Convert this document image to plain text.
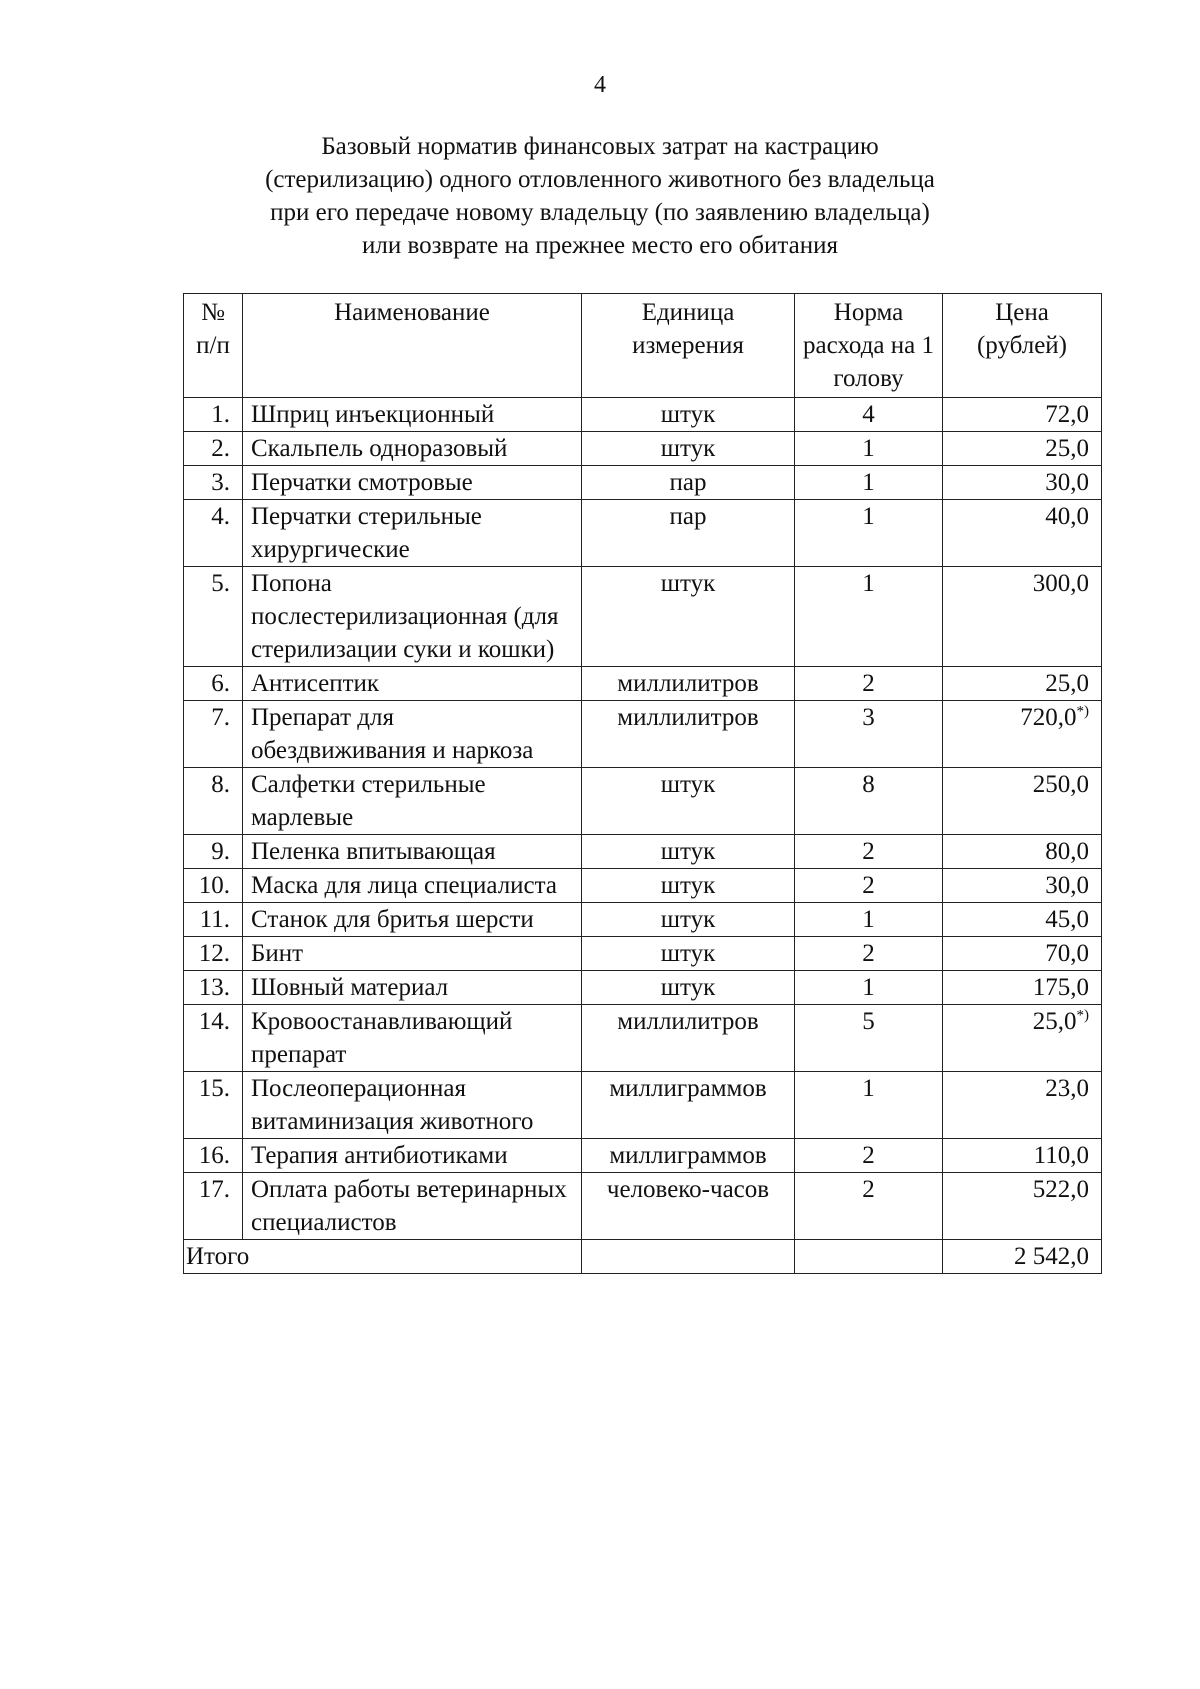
4
Базовый норматив финансовых затрат на кастрацию
(стерилизацию) одного отловленного животного без владельца
при его передаче новому владельцу (по заявлению владельца)
или возврате на прежнее место его обитания
№ п/п	Наименование	Единица измерения	Норма расхода на 1 голову	Цена (рублей)
1.	Шприц инъекционный	штук	4	72,0
2.	Скальпель одноразовый	штук	1	25,0
3.	Перчатки смотровые	пар	1	30,0
4.	Перчатки стерильные хирургические	пар	1	40,0
5.	Попона послестерилизационная (для стерилизации суки и кошки)	штук	1	300,0
6.	Антисептик	миллилитров	2	25,0
7.	Препарат для обездвиживания и наркоза	миллилитров	3	720,0*)
8.	Салфетки стерильные марлевые	штук	8	250,0
9.	Пеленка впитывающая	штук	2	80,0
10.	Маска для лица специалиста	штук	2	30,0
11.	Станок для бритья шерсти	штук	1	45,0
12.	Бинт	штук	2	70,0
13.	Шовный материал	штук	1	175,0
14.	Кровоостанавливающий препарат	миллилитров	5	25,0*)
15.	Послеоперационная витаминизация животного	миллиграммов	1	23,0
16.	Терапия антибиотиками	миллиграммов	2	110,0
17.	Оплата работы ветеринарных специалистов	человеко-часов	2	522,0
Итого				2 542,0
